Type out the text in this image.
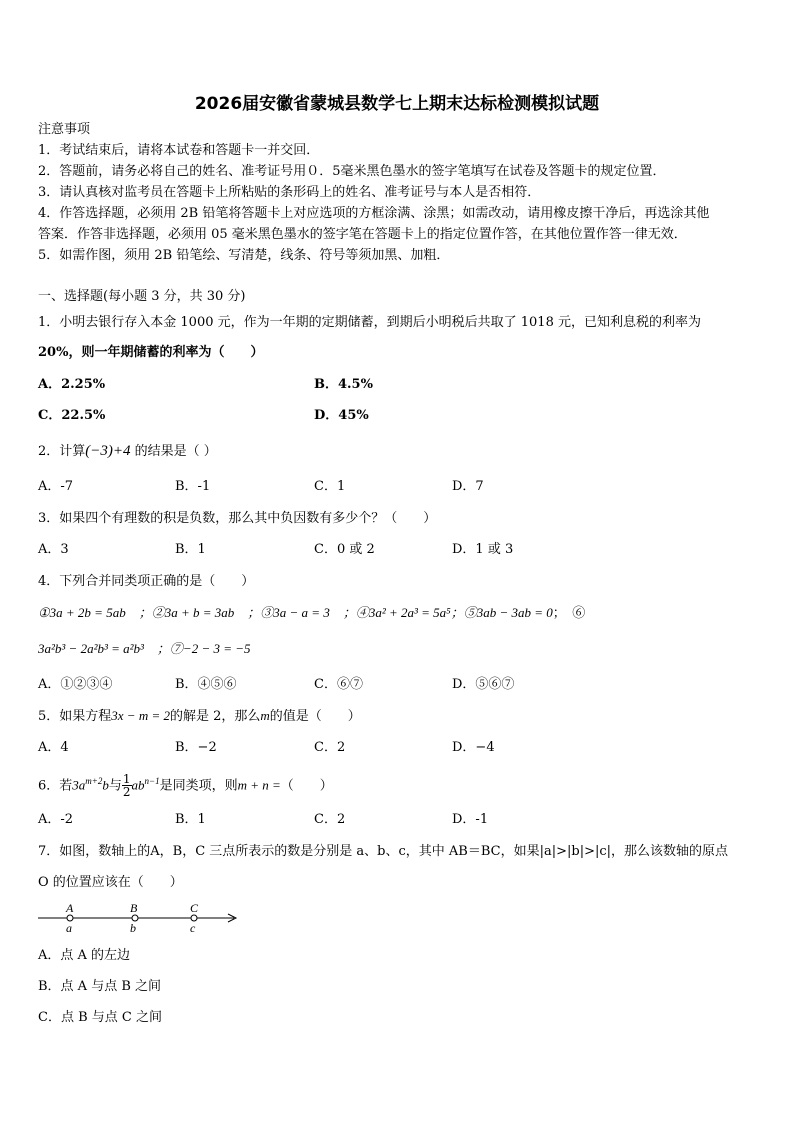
2026届安徽省蒙城县数学七上期末达标检测模拟试题
注意事项
1．考试结束后，请将本试卷和答题卡一并交回．
2．答题前，请务必将自己的姓名、准考证号用０．5毫米黑色墨水的签字笔填写在试卷及答题卡的规定位置．
3．请认真核对监考员在答题卡上所粘贴的条形码上的姓名、准考证号与本人是否相符．
4．作答选择题，必须用 2B 铅笔将答题卡上对应选项的方框涂满、涂黑；如需改动，请用橡皮擦干净后，再选涂其他
答案．作答非选择题，必须用 05 毫米黑色墨水的签字笔在答题卡上的指定位置作答，在其他位置作答一律无效．
5．如需作图，须用 2B 铅笔绘、写清楚，线条、符号等须加黑、加粗．
一、选择题(每小题 3 分，共 30 分)
1．小明去银行存入本金 1000 元，作为一年期的定期储蓄，到期后小明税后共取了 1018 元，已知利息税的利率为
20%，则一年期储蓄的利率为（　　）
A．2.25%	B．4.5%
C．22.5%	D．45%
2．计算(−3)+4 的结果是（ ）
A．-7	B．-1	C．1	D．7
3．如果四个有理数的积是负数，那么其中负因数有多少个？（　　）
A．3	B．1	C．0 或 2	D．1 或 3
4．下列合并同类项正确的是（　　）
①3a + 2b = 5ab　 ；②3a + b = 3ab　 ；③3a − a = 3　 ；④3a² + 2a³ = 5a⁵；⑤3ab − 3ab = 0；　⑥
3a²b³ − 2a²b³ = a²b³　；⑦−2 − 3 = −5
A．①②③④	B．④⑤⑥	C．⑥⑦	D．⑤⑥⑦
5．如果方程3x − m = 2的解是 2，那么m的值是（　　）
A．4	B．−2	C．2	D．−4
6．若$3a^{m+2}b$与 $\frac{1}{2} ab^{n-1}$是同类项，则m + n =（　　）
A．-2	B．1	C．2	D．-1
7．如图，数轴上的A，B，C 三点所表示的数是分别是 a、b、c，其中 AB＝BC，如果|a|>|b|>|c|，那么该数轴的原点
O 的位置应该在（　　）
A	B	C
a	b	c
A．点 A 的左边
B．点 A 与点 B 之间
C．点 B 与点 C 之间
